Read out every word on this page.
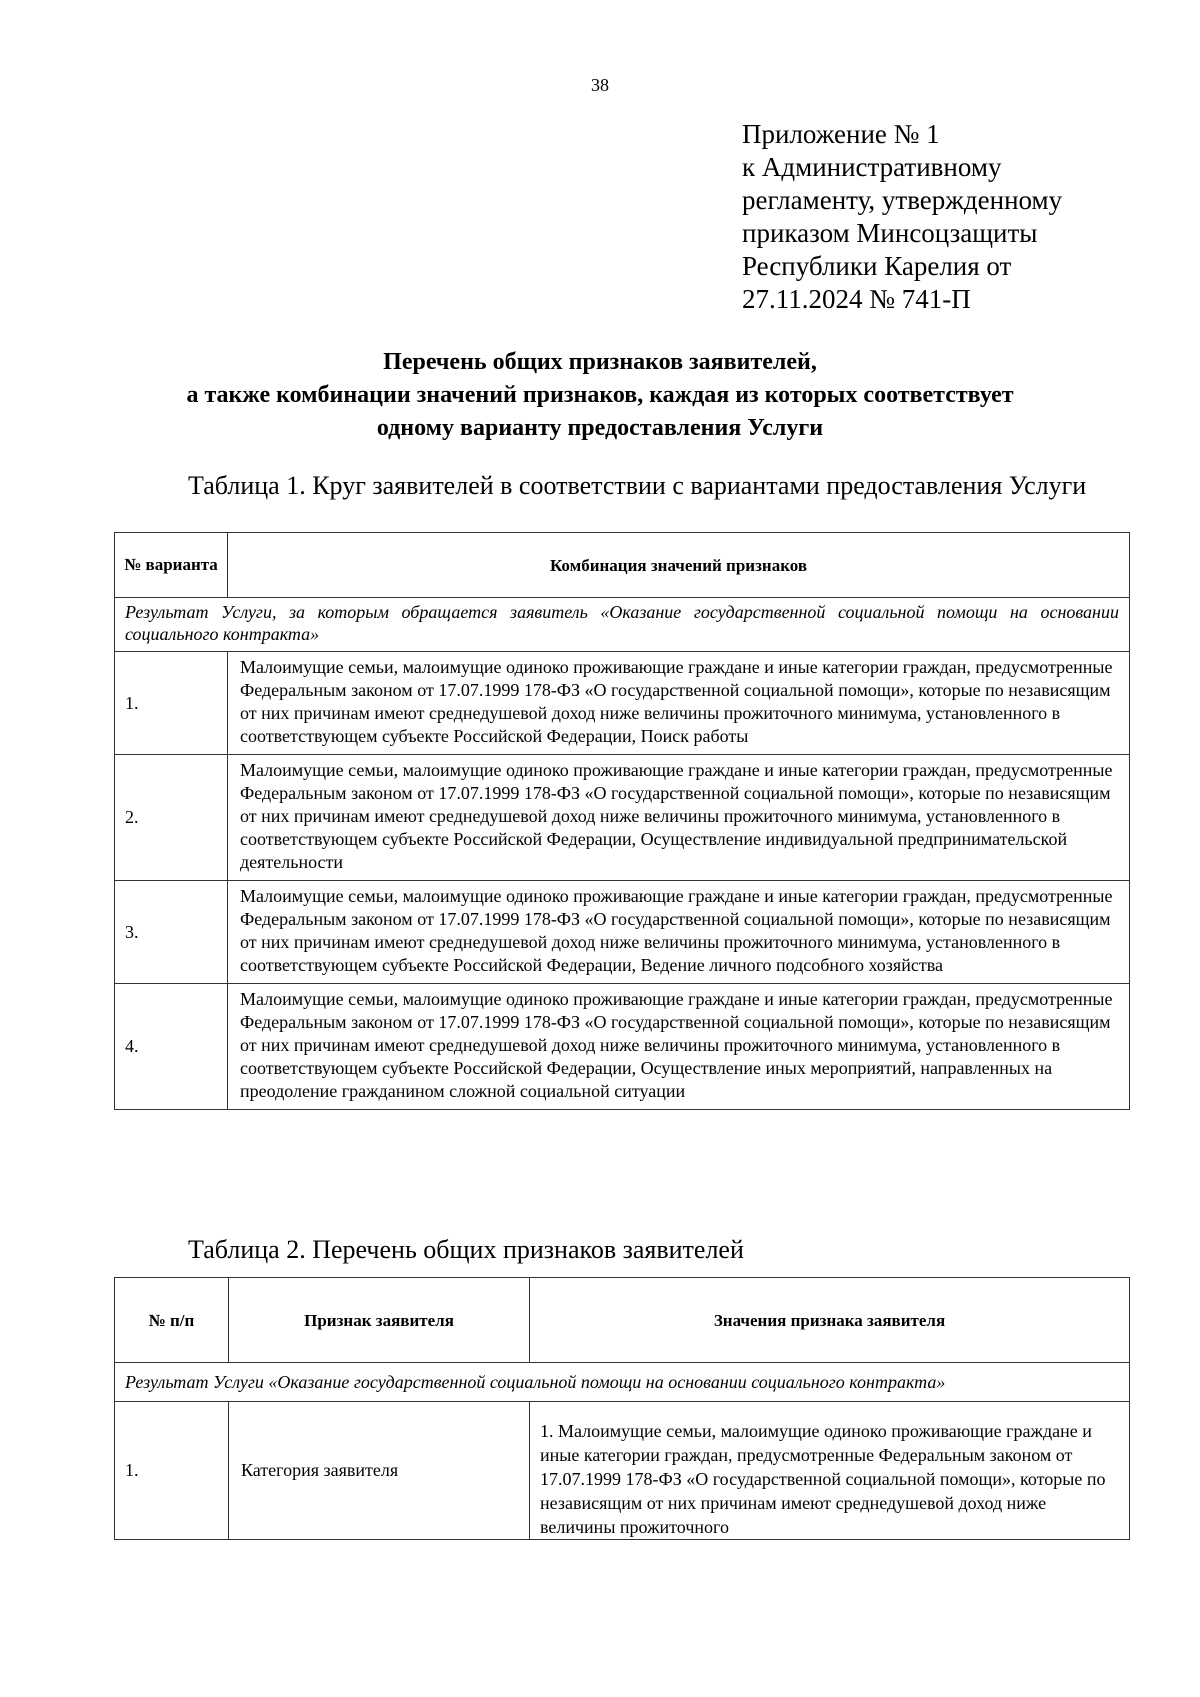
38
Приложение № 1
к Административному
регламенту, утвержденному
приказом Минсоцзащиты
Республики Карелия от
27.11.2024 № 741-П
Перечень общих признаков заявителей,
а также комбинации значений признаков, каждая из которых соответствует
одному варианту предоставления Услуги
Таблица 1. Круг заявителей в соответствии с вариантами предоставления Услуги
№ варианта	Комбинация значений признаков
Результат Услуги, за которым обращается заявитель «Оказание государственной социальной помощи на основании социального контракта»	
1.	Малоимущие семьи, малоимущие одиноко проживающие граждане и иные категории граждан, предусмотренные Федеральным законом от 17.07.1999 178-ФЗ «О государственной социальной помощи», которые по независящим от них причинам имеют среднедушевой доход ниже величины прожиточного минимума, установленного в соответствующем субъекте Российской Федерации, Поиск работы
2.	Малоимущие семьи, малоимущие одиноко проживающие граждане и иные категории граждан, предусмотренные Федеральным законом от 17.07.1999 178-ФЗ «О государственной социальной помощи», которые по независящим от них причинам имеют среднедушевой доход ниже величины прожиточного минимума, установленного в соответствующем субъекте Российской Федерации, Осуществление индивидуальной предпринимательской деятельности
3.	Малоимущие семьи, малоимущие одиноко проживающие граждане и иные категории граждан, предусмотренные Федеральным законом от 17.07.1999 178-ФЗ «О государственной социальной помощи», которые по независящим от них причинам имеют среднедушевой доход ниже величины прожиточного минимума, установленного в соответствующем субъекте Российской Федерации, Ведение личного подсобного хозяйства
4.	Малоимущие семьи, малоимущие одиноко проживающие граждане и иные категории граждан, предусмотренные Федеральным законом от 17.07.1999 178-ФЗ «О государственной социальной помощи», которые по независящим от них причинам имеют среднедушевой доход ниже величины прожиточного минимума, установленного в соответствующем субъекте Российской Федерации, Осуществление иных мероприятий, направленных на преодоление гражданином сложной социальной ситуации
Таблица 2. Перечень общих признаков заявителей
№ п/п	Признак заявителя	Значения признака заявителя
Результат Услуги «Оказание государственной социальной помощи на основании социального контракта»		
1.	Категория заявителя	1. Малоимущие семьи, малоимущие одиноко проживающие граждане и иные категории граждан, предусмотренные Федеральным законом от 17.07.1999 178-ФЗ «О государственной социальной помощи», которые по независящим от них причинам имеют среднедушевой доход ниже величины прожиточного
